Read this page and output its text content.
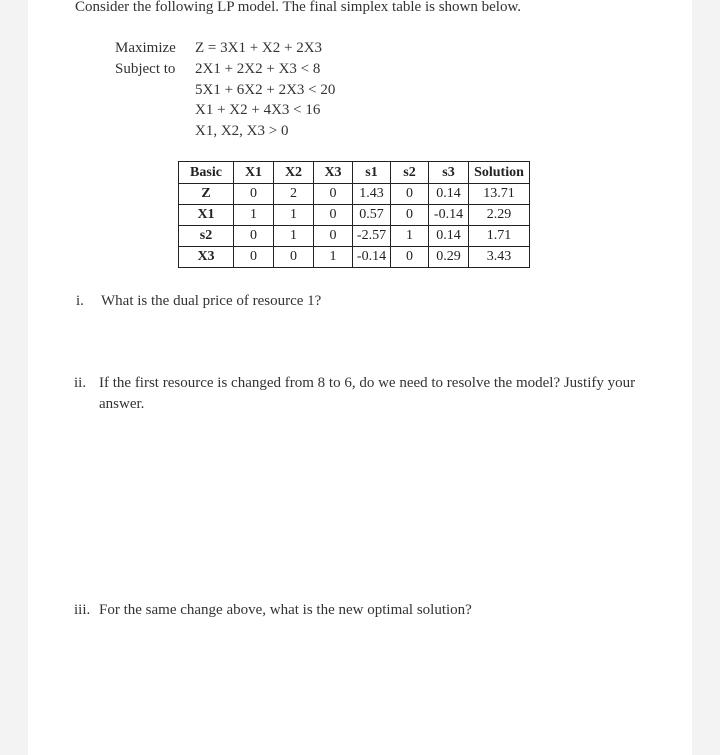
Consider the following LP model. The final simplex table is shown below.
Maximize
Subject to
Z = 3X1 + X2 + 2X3
2X1 + 2X2 + X3 < 8
5X1 + 6X2 + 2X3 < 20
X1 + X2 + 4X3 < 16
X1, X2, X3 > 0
Basic	X1	X2	X3	s1	s2	s3	Solution
Z	0	2	0	1.43	0	0.14	13.71
X1	1	1	0	0.57	0	-0.14	2.29
s2	0	1	0	-2.57	1	0.14	1.71
X3	0	0	1	-0.14	0	0.29	3.43
i. What is the dual price of resource 1?
ii. If the first resource is changed from 8 to 6, do we need to resolve the model? Justify your answer.
iii. For the same change above, what is the new optimal solution?
